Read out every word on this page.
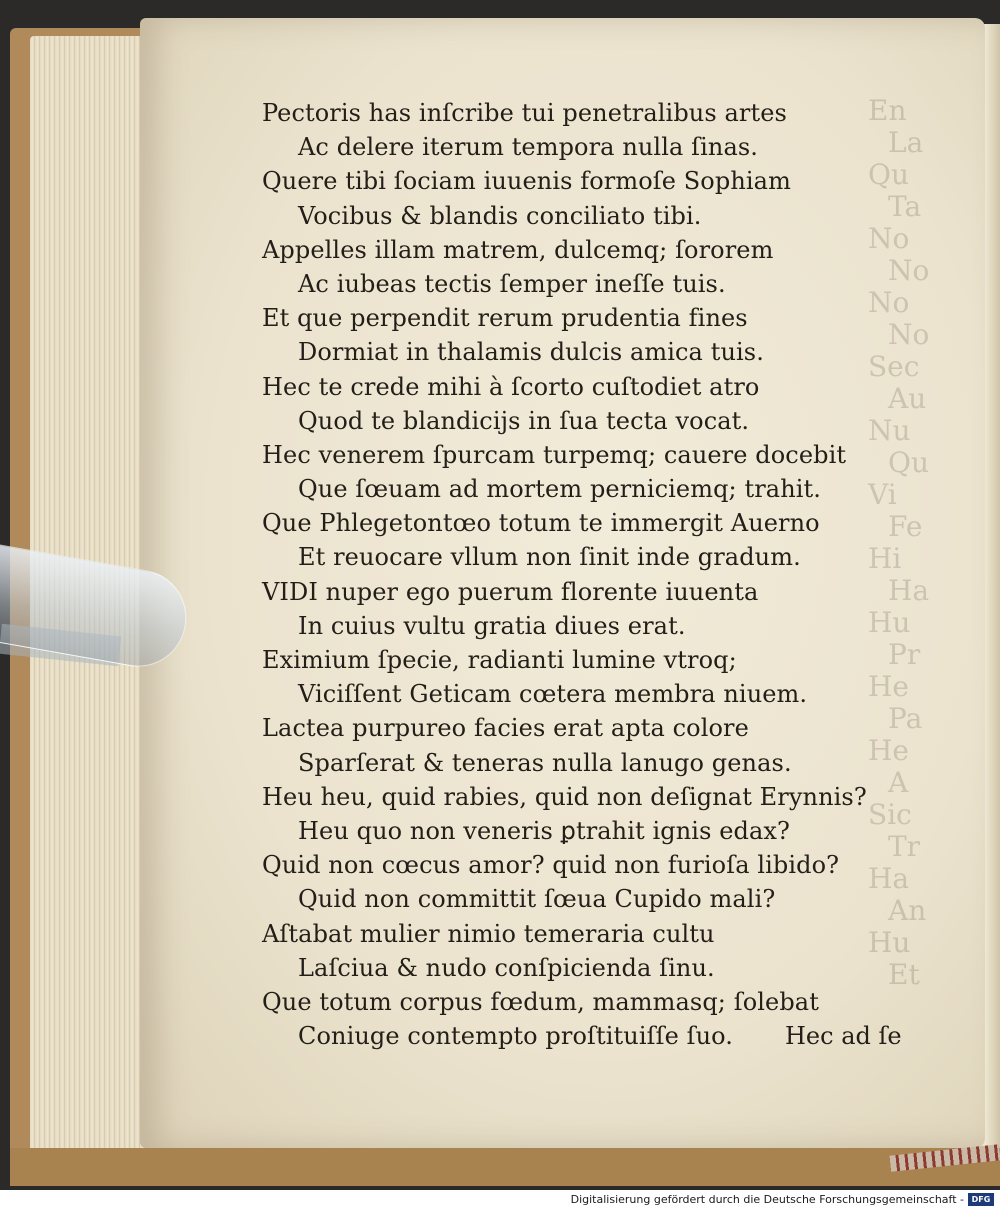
En
La
Qu
Ta
No
No
No
No
Sec
Au
Nu
Qu
Vi
Fe
Hi
Ha
Hu
Pr
He
Pa
He
A
Sic
Tr
Ha
An
Hu
Et
Pectoris has inſcribe tui penetralibus artes
Ac delere iterum tempora nulla ſinas.
Quere tibi ſociam iuuenis formoſe Sophiam
Vocibus & blandis conciliato tibi.
Appelles illam matrem, dulcemq; ſororem
Ac iubeas tectis ſemper ineſſe tuis.
Et que perpendit rerum prudentia fines
Dormiat in thalamis dulcis amica tuis.
Hec te crede mihi à ſcorto cuſtodiet atro
Quod te blandicijs in ſua tecta vocat.
Hec venerem ſpurcam turpemq; cauere docebit
Que ſœuam ad mortem perniciemq; trahit.
Que Phlegetontœo totum te immergit Auerno
Et reuocare vllum non ſinit inde gradum.
VIDI nuper ego puerum florente iuuenta
In cuius vultu gratia diues erat.
Eximium ſpecie, radianti lumine vtroq;
Viciſſent Geticam cœtera membra niuem.
Lactea purpureo facies erat apta colore
Sparſerat & teneras nulla lanugo genas.
Heu heu, quid rabies, quid non deſignat Erynnis?
Heu quo non veneris ꝑtrahit ignis edax?
Quid non cœcus amor? quid non furioſa libido?
Quid non committit ſœua Cupido mali?
Aſtabat mulier nimio temeraria cultu
Laſciua & nudo conſpicienda ſinu.
Que totum corpus fœdum, mammasq; ſolebat
Coniuge contempto proſtituiſſe ſuo.	Hec ad ſe
Digitalisierung gefördert durch die Deutsche Forschungsgemeinschaft - DFG
